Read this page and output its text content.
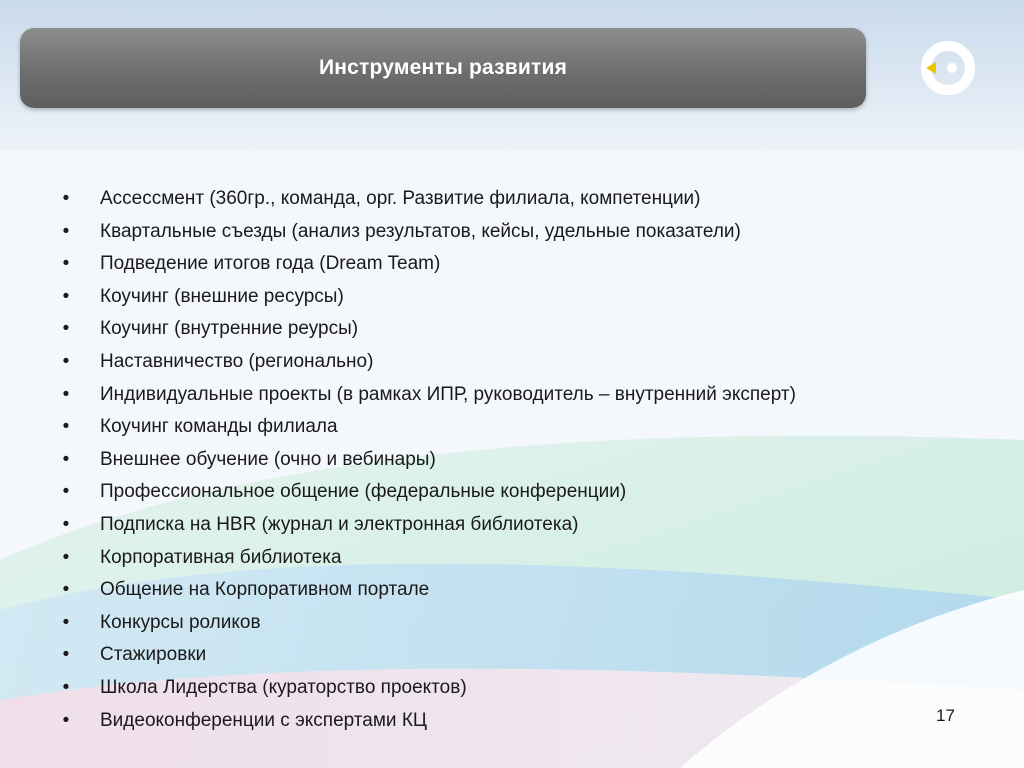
Инструменты развития
• Ассессмент (360гр., команда, орг. Развитие филиала, компетенции)
• Квартальные съезды (анализ результатов, кейсы, удельные показатели)
• Подведение итогов года (Dream Team)
• Коучинг (внешние ресурсы)
• Коучинг (внутренние реурсы)
• Наставничество (регионально)
• Индивидуальные проекты (в рамках ИПР, руководитель – внутренний эксперт)
• Коучинг команды филиала
• Внешнее обучение (очно и вебинары)
• Профессиональное общение (федеральные конференции)
• Подписка на HBR (журнал и электронная библиотека)
• Корпоративная библиотека
• Общение на Корпоративном портале
• Конкурсы роликов
• Стажировки
• Школа Лидерства (кураторство проектов)
• Видеоконференции с экспертами КЦ	17
